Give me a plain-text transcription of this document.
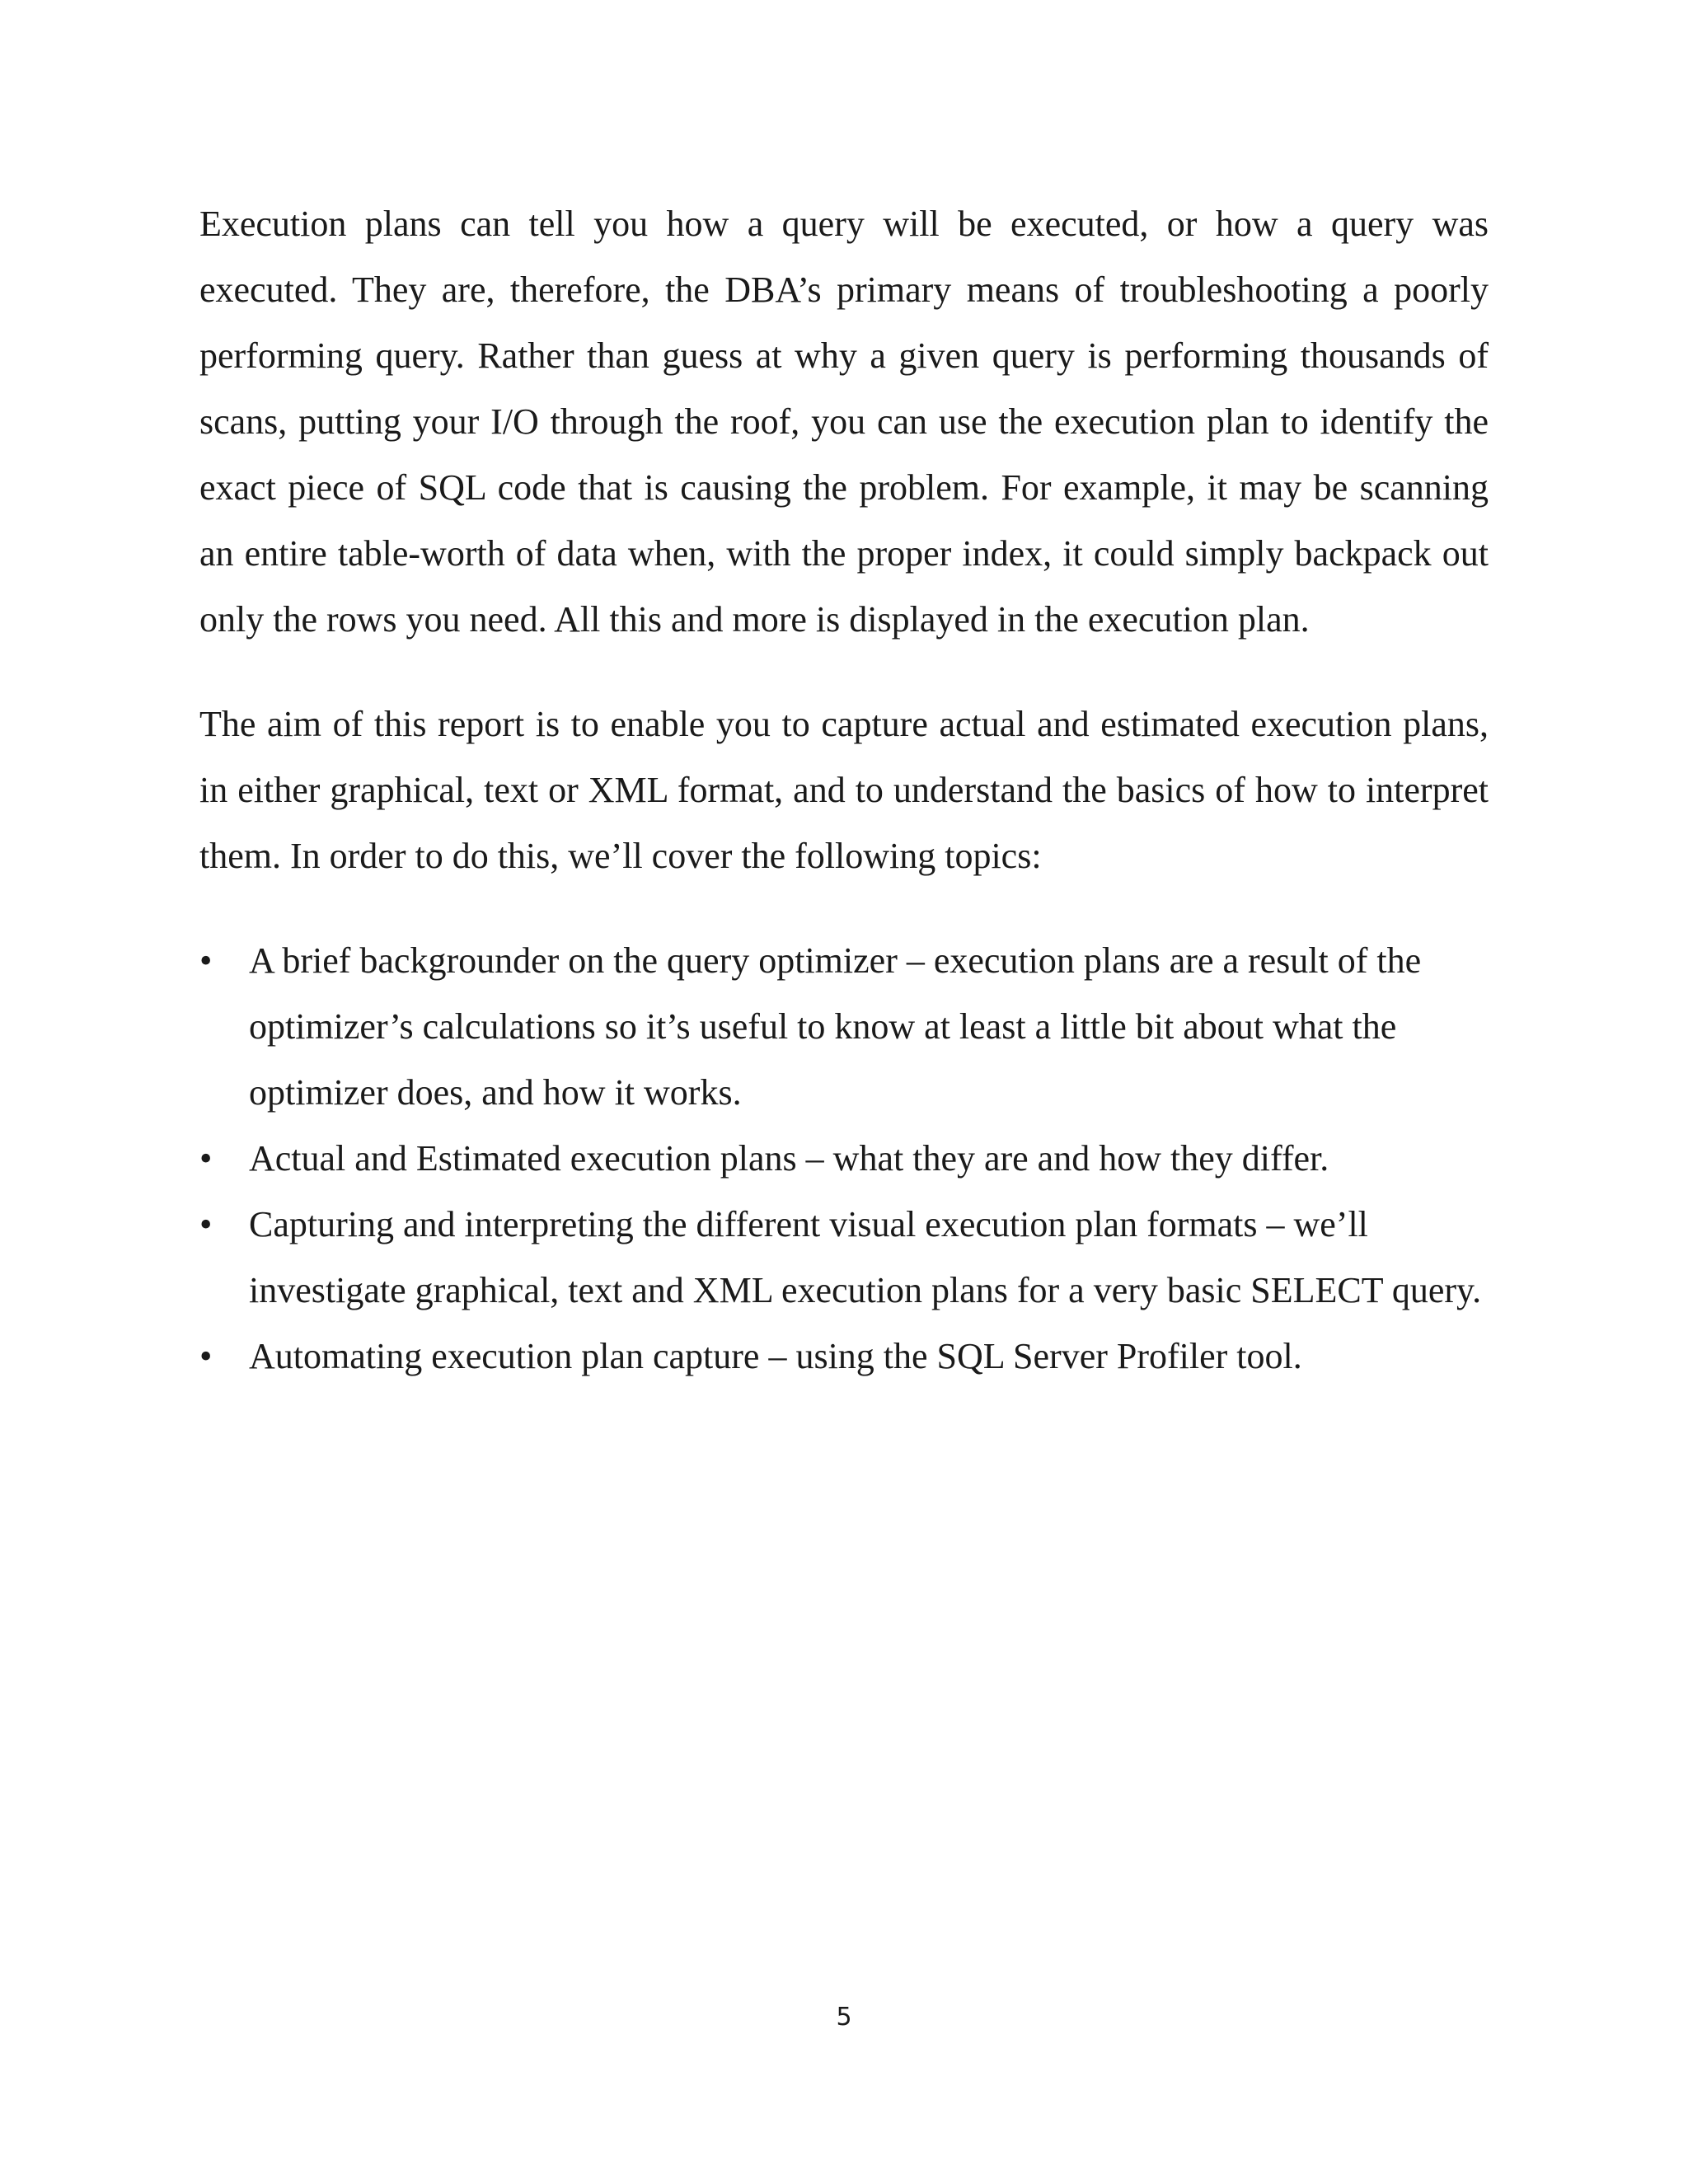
Execution plans can tell you how a query will be executed, or how a query was executed. They are, therefore, the DBA’s primary means of troubleshooting a poorly performing query. Rather than guess at why a given query is performing thousands of scans, putting your I/O through the roof, you can use the execution plan to identify the exact piece of SQL code that is causing the problem. For example, it may be scanning an entire table-worth of data when, with the proper index, it could simply backpack out only the rows you need. All this and more is displayed in the execution plan.

The aim of this report is to enable you to capture actual and estimated execution plans, in either graphical, text or XML format, and to understand the basics of how to interpret them. In order to do this, we’ll cover the following topics:

• A brief backgrounder on the query optimizer – execution plans are a result of the optimizer’s calculations so it’s useful to know at least a little bit about what the optimizer does, and how it works.
• Actual and Estimated execution plans – what they are and how they differ.
• Capturing and interpreting the different visual execution plan formats – we’ll investigate graphical, text and XML execution plans for a very basic SELECT query.
• Automating execution plan capture – using the SQL Server Profiler tool.
5
